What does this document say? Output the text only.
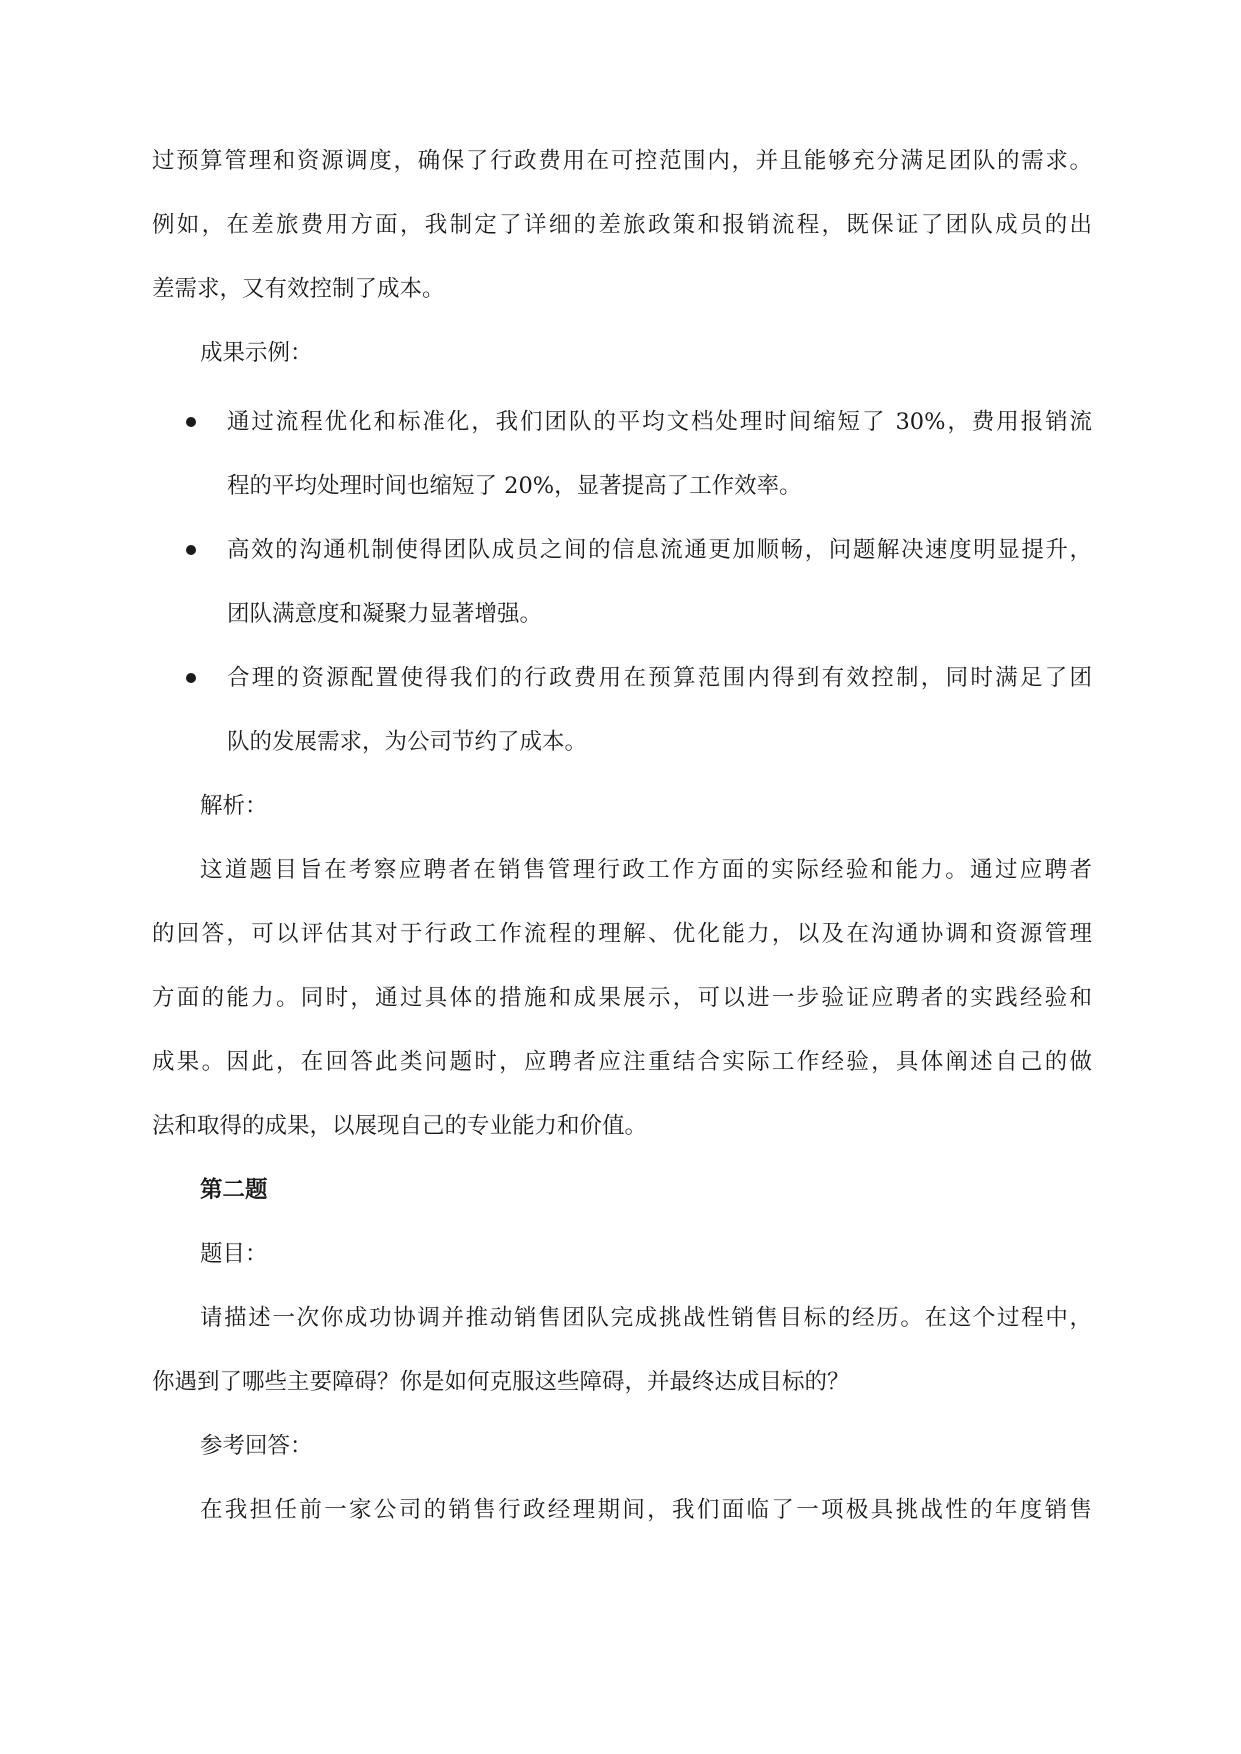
过预算管理和资源调度，确保了行政费用在可控范围内，并且能够充分满足团队的需求。
例如，在差旅费用方面，我制定了详细的差旅政策和报销流程，既保证了团队成员的出
差需求，又有效控制了成本。
成果示例：
通过流程优化和标准化，我们团队的平均文档处理时间缩短了 30%，费用报销流
程的平均处理时间也缩短了 20%，显著提高了工作效率。
高效的沟通机制使得团队成员之间的信息流通更加顺畅，问题解决速度明显提升，
团队满意度和凝聚力显著增强。
合理的资源配置使得我们的行政费用在预算范围内得到有效控制，同时满足了团
队的发展需求，为公司节约了成本。
解析：
这道题目旨在考察应聘者在销售管理行政工作方面的实际经验和能力。通过应聘者
的回答，可以评估其对于行政工作流程的理解、优化能力，以及在沟通协调和资源管理
方面的能力。同时，通过具体的措施和成果展示，可以进一步验证应聘者的实践经验和
成果。因此，在回答此类问题时，应聘者应注重结合实际工作经验，具体阐述自己的做
法和取得的成果，以展现自己的专业能力和价值。
第二题
题目：
请描述一次你成功协调并推动销售团队完成挑战性销售目标的经历。在这个过程中，
你遇到了哪些主要障碍？你是如何克服这些障碍，并最终达成目标的？
参考回答：
在我担任前一家公司的销售行政经理期间，我们面临了一项极具挑战性的年度销售
